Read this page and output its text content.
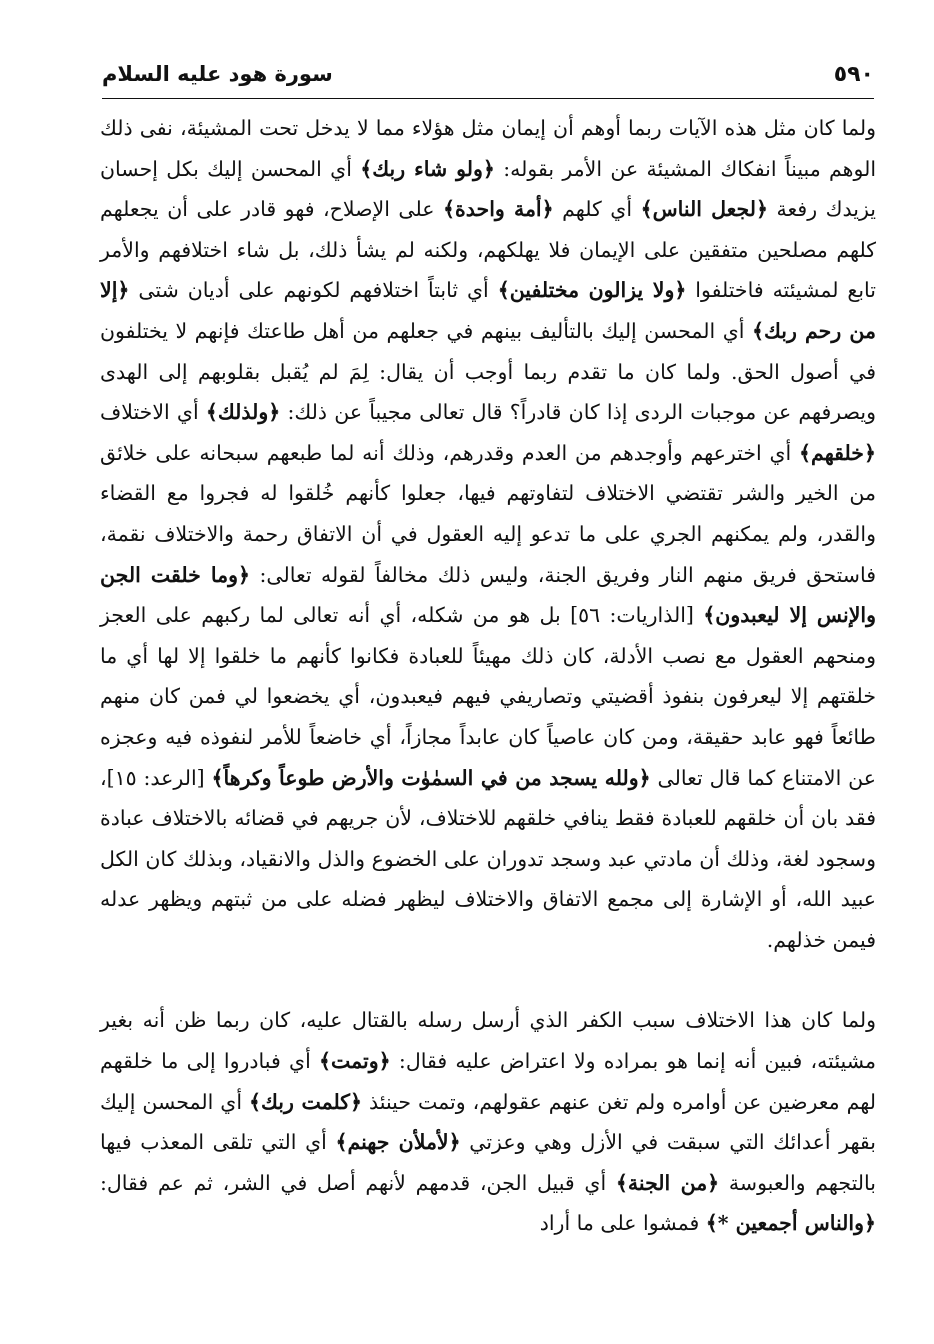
سورة هود عليه السلام	٥٩٠

ولما كان مثل هذه الآيات ربما أوهم أن إيمان مثل هؤلاء مما لا يدخل تحت المشيئة، نفى ذلك الوهم مبيناً انفكاك المشيئة عن الأمر بقوله: ﴿ولو شاء ربك﴾ أي المحسن إليك بكل إحسان يزيدك رفعة ﴿لجعل الناس﴾ أي كلهم ﴿أمة واحدة﴾ على الإصلاح، فهو قادر على أن يجعلهم كلهم مصلحين متفقين على الإيمان فلا يهلكهم، ولكنه لم يشأ ذلك، بل شاء اختلافهم والأمر تابع لمشيئته فاختلفوا ﴿ولا يزالون مختلفين﴾ أي ثابتاً اختلافهم لكونهم على أديان شتى ﴿إلا من رحم ربك﴾ أي المحسن إليك بالتأليف بينهم في جعلهم من أهل طاعتك فإنهم لا يختلفون في أصول الحق. ولما كان ما تقدم ربما أوجب أن يقال: لِمَ لم يُقبل بقلوبهم إلى الهدى ويصرفهم عن موجبات الردى إذا كان قادراً؟ قال تعالى مجيباً عن ذلك: ﴿ولذلك﴾ أي الاختلاف ﴿خلقهم﴾ أي اخترعهم وأوجدهم من العدم وقدرهم، وذلك أنه لما طبعهم سبحانه على خلائق من الخير والشر تقتضي الاختلاف لتفاوتهم فيها، جعلوا كأنهم خُلقوا له فجروا مع القضاء والقدر، ولم يمكنهم الجري على ما تدعو إليه العقول في أن الاتفاق رحمة والاختلاف نقمة، فاستحق فريق منهم النار وفريق الجنة، وليس ذلك مخالفاً لقوله تعالى: ﴿وما خلقت الجن والإنس إلا ليعبدون﴾ [الذاريات: ٥٦] بل هو من شكله، أي أنه تعالى لما ركبهم على العجز ومنحهم العقول مع نصب الأدلة، كان ذلك مهيئاً للعبادة فكانوا كأنهم ما خلقوا إلا لها أي ما خلقتهم إلا ليعرفون بنفوذ أقضيتي وتصاريفي فيهم فيعبدون، أي يخضعوا لي فمن كان منهم طائعاً فهو عابد حقيقة، ومن كان عاصياً كان عابداً مجازاً، أي خاضعاً للأمر لنفوذه فيه وعجزه عن الامتناع كما قال تعالى ﴿ولله يسجد من في السمٰوٰت والأرض طوعاً وكرهاً﴾ [الرعد: ١٥]، فقد بان أن خلقهم للعبادة فقط ينافي خلقهم للاختلاف، لأن جريهم في قضائه بالاختلاف عبادة وسجود لغة، وذلك أن مادتي عبد وسجد تدوران على الخضوع والذل والانقياد، وبذلك كان الكل عبيد الله، أو الإشارة إلى مجمع الاتفاق والاختلاف ليظهر فضله على من ثبتهم ويظهر عدله فيمن خذلهم.

ولما كان هذا الاختلاف سبب الكفر الذي أرسل رسله بالقتال عليه، كان ربما ظن أنه بغير مشيئته، فبين أنه إنما هو بمراده ولا اعتراض عليه فقال: ﴿وتمت﴾ أي فبادروا إلى ما خلقهم لهم معرضين عن أوامره ولم تغن عنهم عقولهم، وتمت حينئذ ﴿كلمت ربك﴾ أي المحسن إليك بقهر أعدائك التي سبقت في الأزل وهي وعزتي ﴿لأملأن جهنم﴾ أي التي تلقى المعذب فيها بالتجهم والعبوسة ﴿من الجنة﴾ أي قبيل الجن، قدمهم لأنهم أصل في الشر، ثم عم فقال: ﴿والناس أجمعين *﴾ فمشوا على ما أراد
